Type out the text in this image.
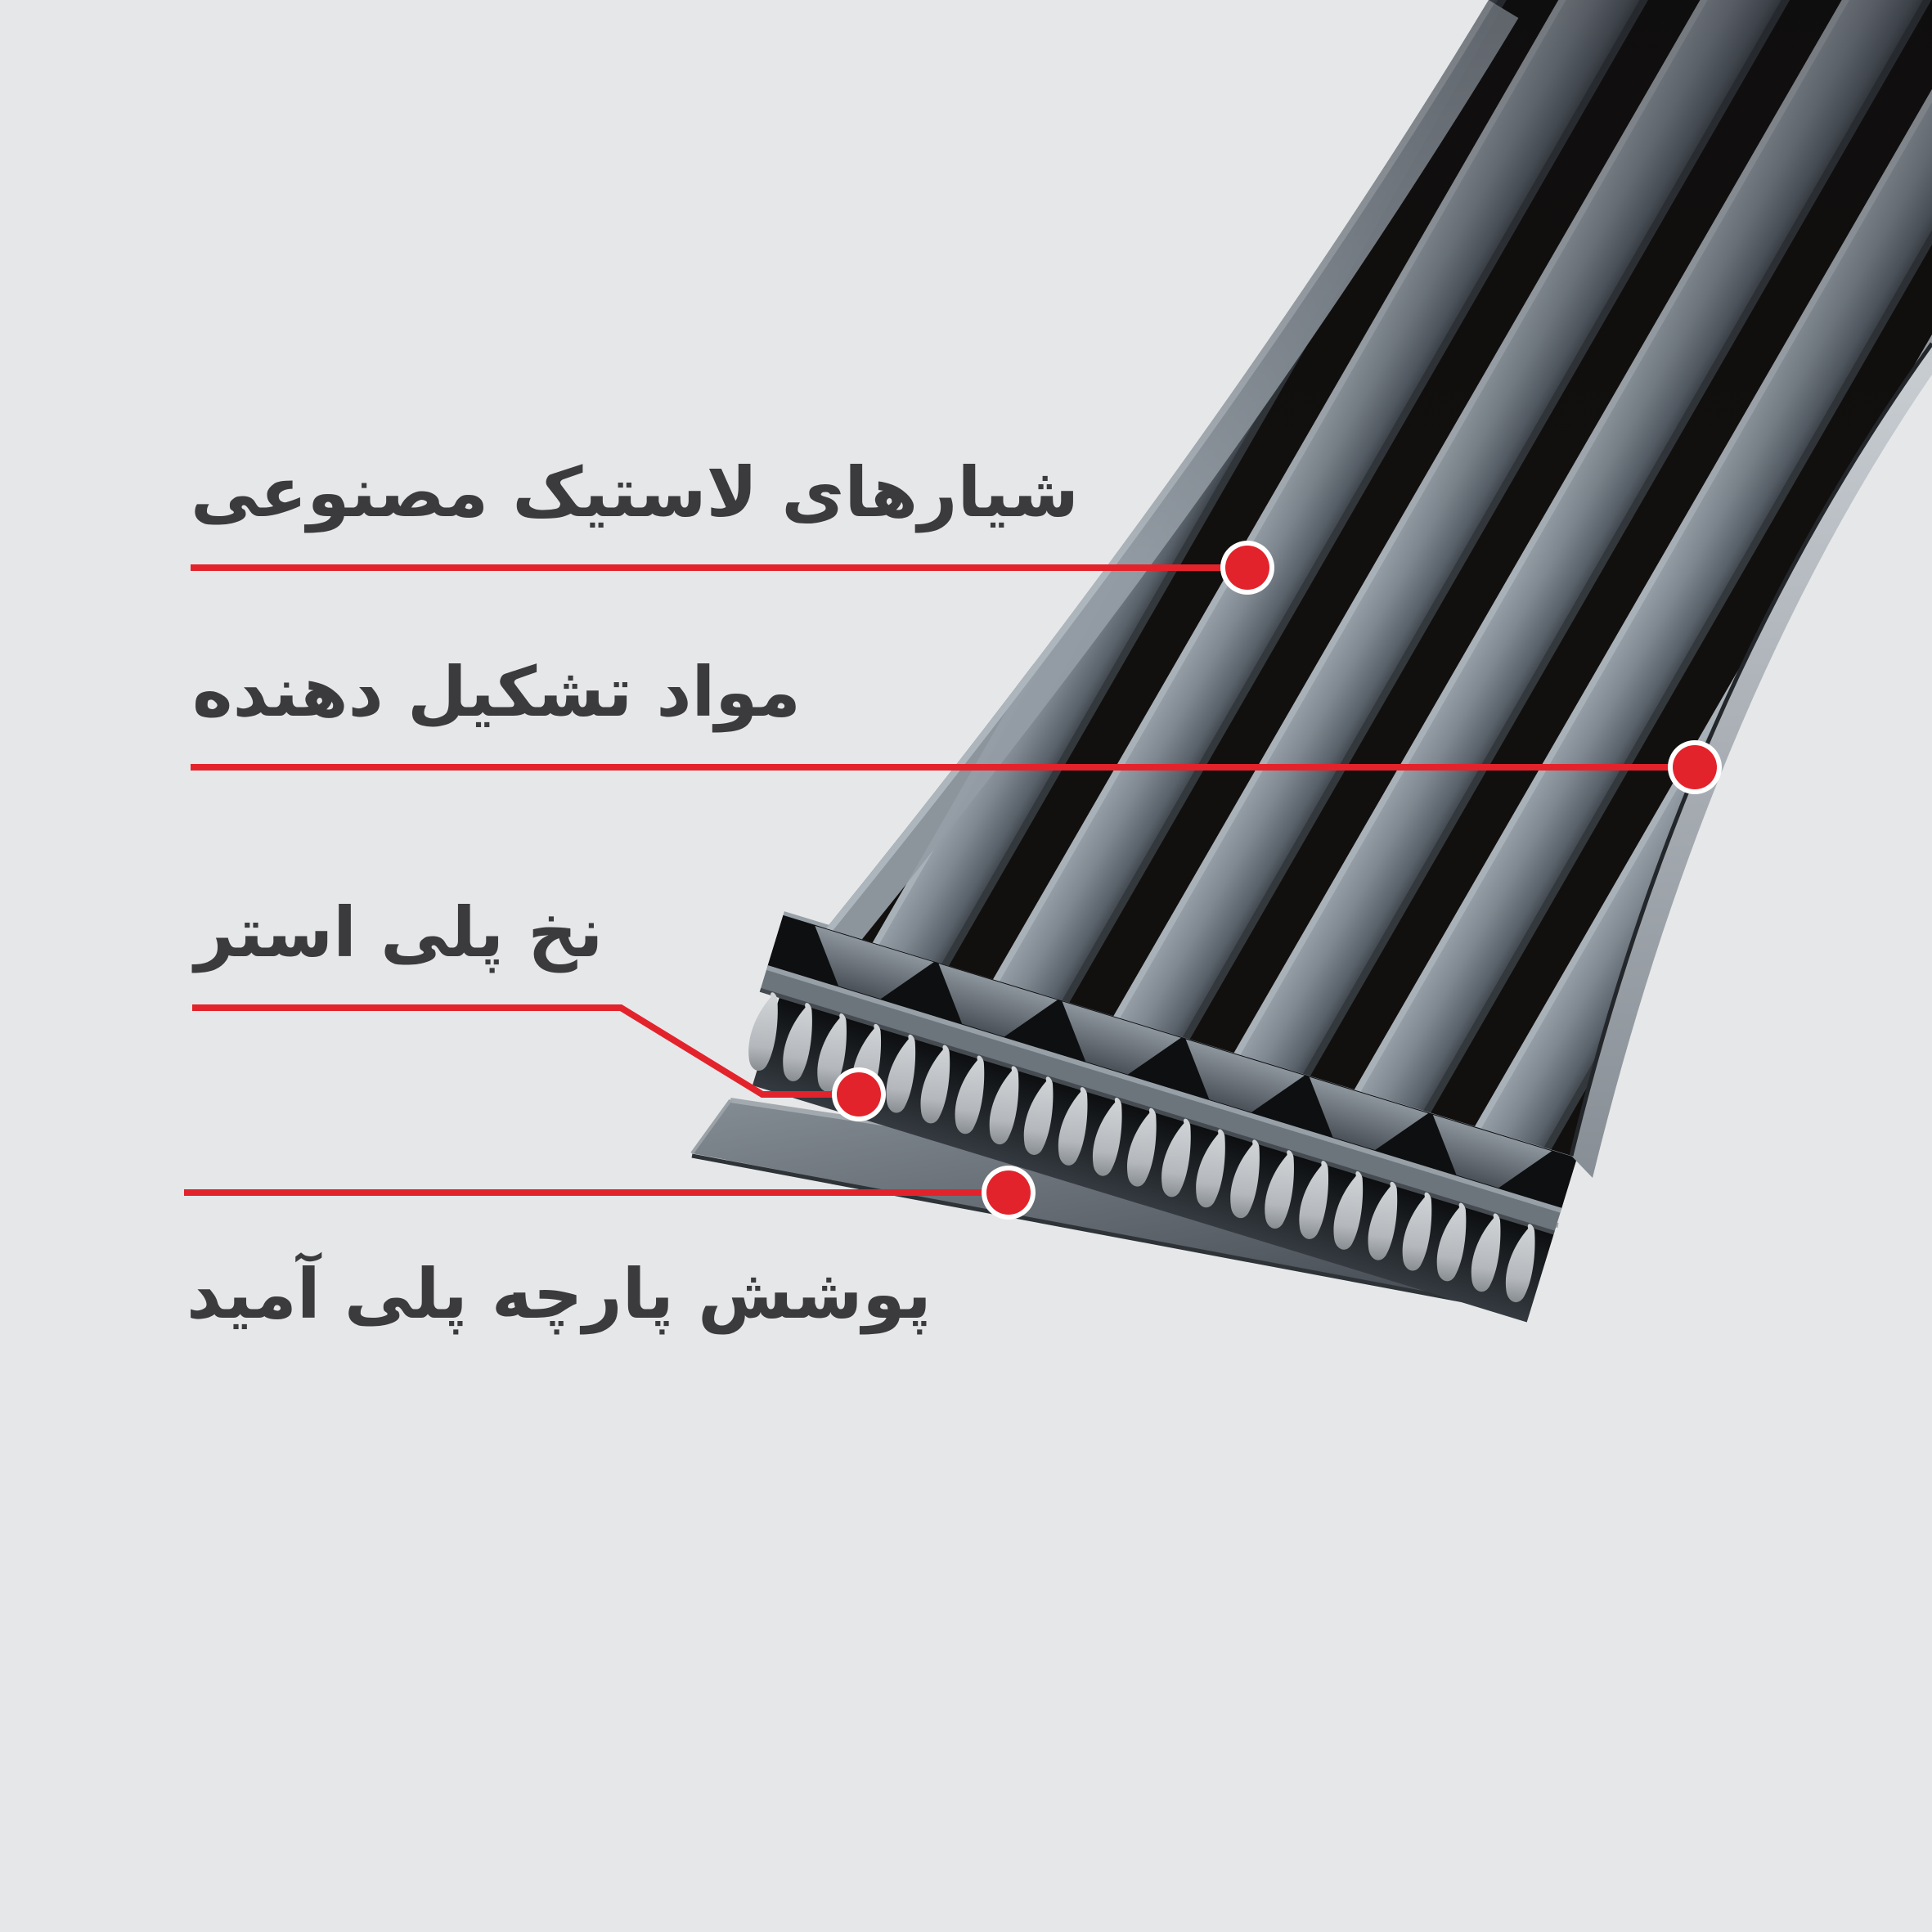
شیارهای لاستیک مصنوعی
مواد تشکیل دهنده
نخ پلی استر
پوشش پارچه پلی آمید
